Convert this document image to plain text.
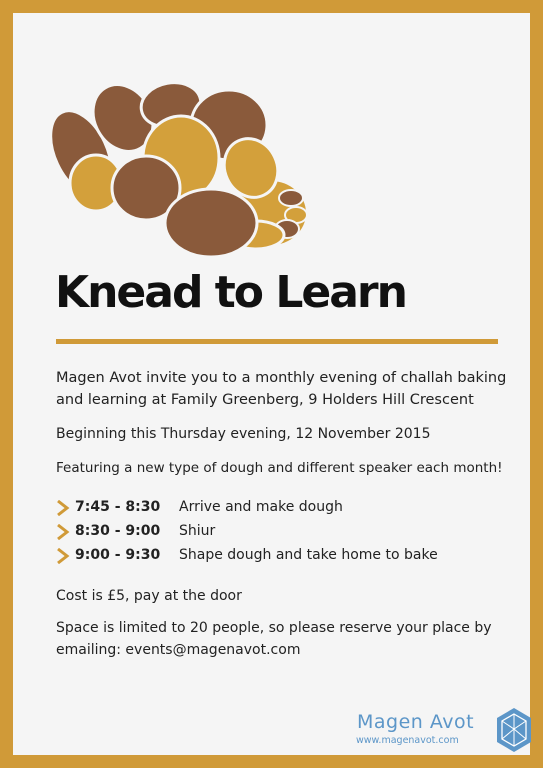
Knead to Learn
Magen Avot invite you to a monthly evening of challah baking and learning at Family Greenberg, 9 Holders Hill Crescent
Beginning this Thursday evening, 12 November 2015
Featuring a new type of dough and different speaker each month!
7:45 - 8:30 Arrive and make dough
8:30 - 9:00 Shiur
9:00 - 9:30 Shape dough and take home to bake
Cost is £5, pay at the door
Space is limited to 20 people, so please reserve your place by emailing: events@magenavot.com
Magen Avot
www.magenavot.com
